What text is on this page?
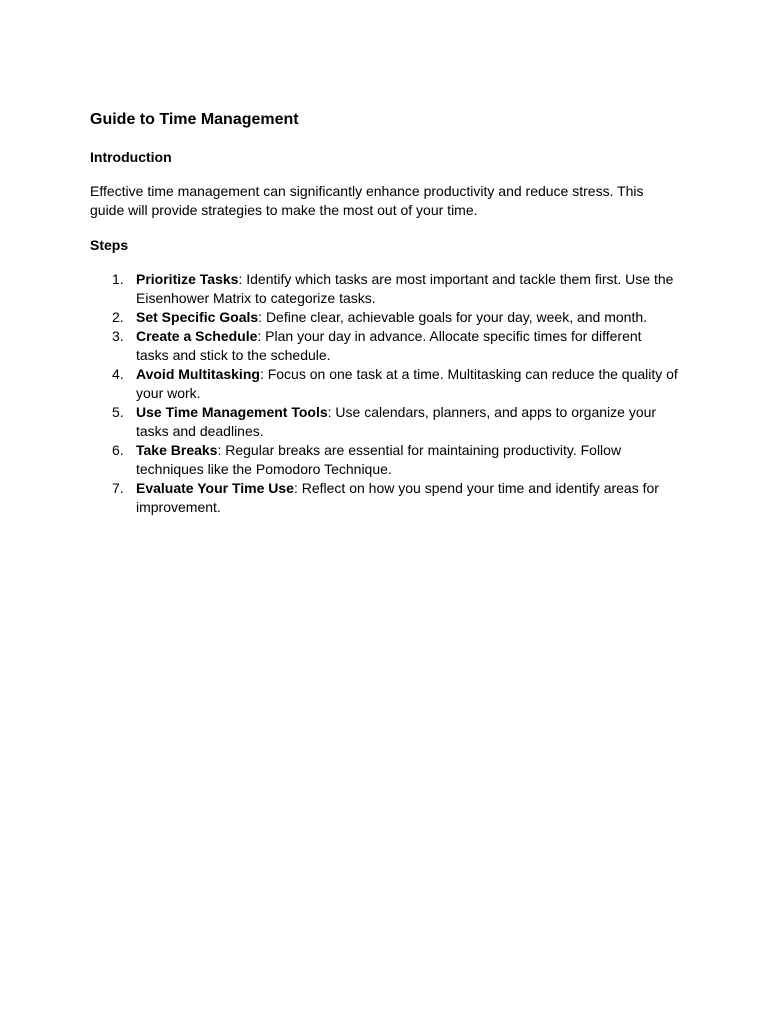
Guide to Time Management
Introduction

Effective time management can significantly enhance productivity and reduce stress. This guide will provide strategies to make the most out of your time.

Steps
1. Prioritize Tasks: Identify which tasks are most important and tackle them first. Use the Eisenhower Matrix to categorize tasks.
2. Set Specific Goals: Define clear, achievable goals for your day, week, and month.
3. Create a Schedule: Plan your day in advance. Allocate specific times for different tasks and stick to the schedule.
4. Avoid Multitasking: Focus on one task at a time. Multitasking can reduce the quality of your work.
5. Use Time Management Tools: Use calendars, planners, and apps to organize your tasks and deadlines.
6. Take Breaks: Regular breaks are essential for maintaining productivity. Follow techniques like the Pomodoro Technique.
7. Evaluate Your Time Use: Reflect on how you spend your time and identify areas for improvement.
